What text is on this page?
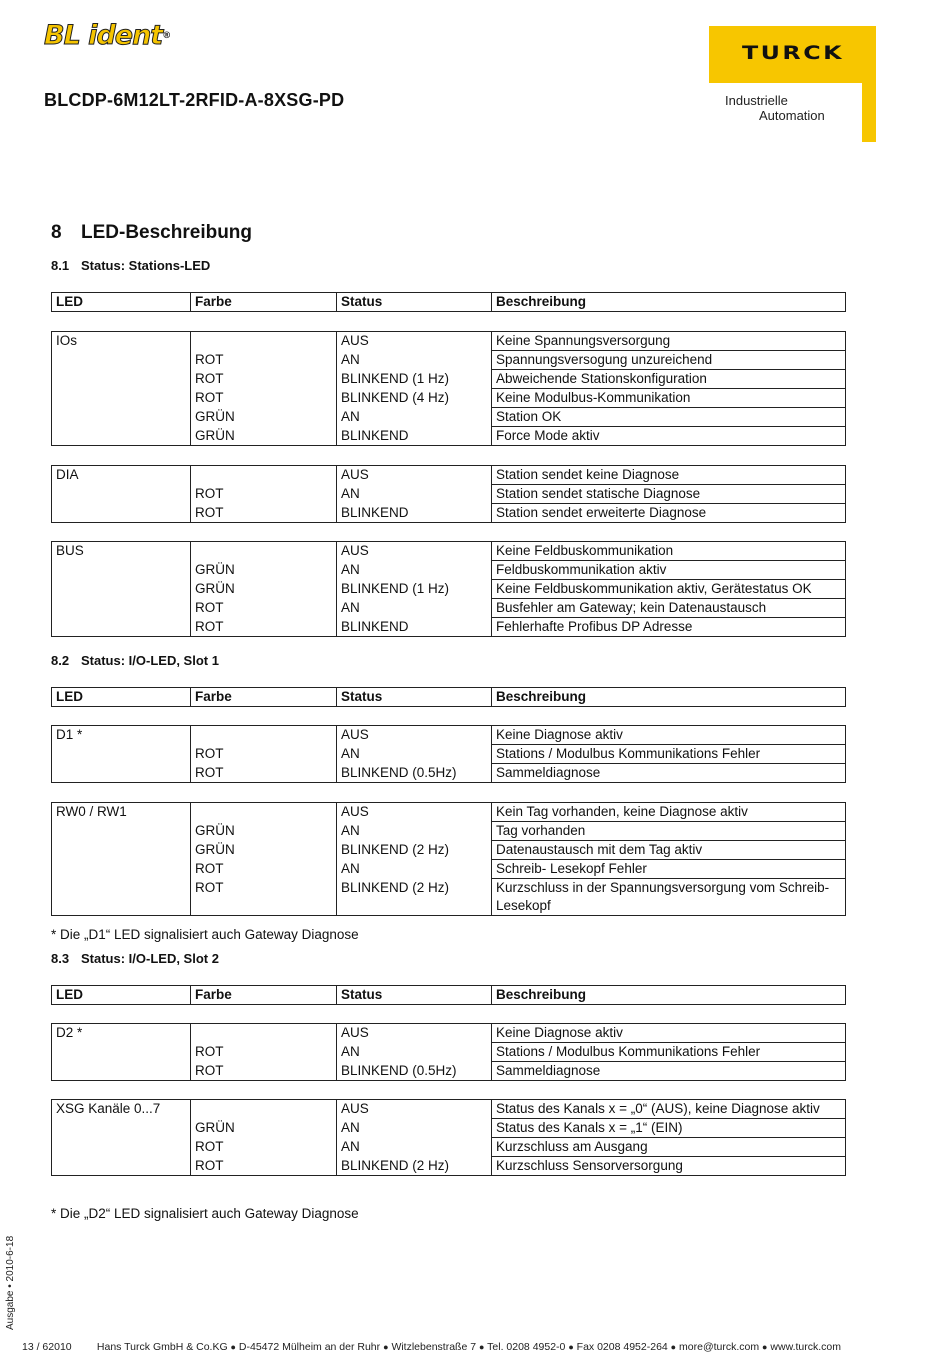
BL ident®
BLCDP-6M12LT-2RFID-A-8XSG-PD
TURCK
Industrielle
Automation
8 LED-Beschreibung
8.1 Status: Stations-LED
LED	Farbe	Status	Beschreibung
IOs		AUS	Keine Spannungsversorgung
	ROT	AN	Spannungsversogung unzureichend
	ROT	BLINKEND (1 Hz)	Abweichende Stationskonfiguration
	ROT	BLINKEND (4 Hz)	Keine Modulbus-Kommunikation
	GRÜN	AN	Station OK
	GRÜN	BLINKEND	Force Mode aktiv
DIA		AUS	Station sendet keine Diagnose
	ROT	AN	Station sendet statische Diagnose
	ROT	BLINKEND	Station sendet erweiterte Diagnose
BUS		AUS	Keine Feldbuskommunikation
	GRÜN	AN	Feldbuskommunikation aktiv
	GRÜN	BLINKEND (1 Hz)	Keine Feldbuskommunikation aktiv, Gerätestatus OK
	ROT	AN	Busfehler am Gateway; kein Datenaustausch
	ROT	BLINKEND	Fehlerhafte Profibus DP Adresse
8.2 Status: I/O-LED, Slot 1
LED	Farbe	Status	Beschreibung
D1 *		AUS	Keine Diagnose aktiv
	ROT	AN	Stations / Modulbus Kommunikations Fehler
	ROT	BLINKEND (0.5Hz)	Sammeldiagnose
RW0 / RW1		AUS	Kein Tag vorhanden, keine Diagnose aktiv
	GRÜN	AN	Tag vorhanden
	GRÜN	BLINKEND (2 Hz)	Datenaustausch mit dem Tag aktiv
	ROT	AN	Schreib- Lesekopf Fehler
	ROT	BLINKEND (2 Hz)	Kurzschluss in der Spannungsversorgung vom Schreib-Lesekopf
* Die „D1“ LED signalisiert auch Gateway Diagnose
8.3 Status: I/O-LED, Slot 2
LED	Farbe	Status	Beschreibung
D2 *		AUS	Keine Diagnose aktiv
	ROT	AN	Stations / Modulbus Kommunikations Fehler
	ROT	BLINKEND (0.5Hz)	Sammeldiagnose
XSG Kanäle 0...7		AUS	Status des Kanals x = „0“ (AUS), keine Diagnose aktiv
	GRÜN	AN	Status des Kanals x = „1“ (EIN)
	ROT	AN	Kurzschluss am Ausgang
	ROT	BLINKEND (2 Hz)	Kurzschluss Sensorversorgung
* Die „D2“ LED signalisiert auch Gateway Diagnose
Ausgabe • 2010-6-18
13 / 62010 Hans Turck GmbH & Co.KG ● D-45472 Mülheim an der Ruhr ● Witzlebenstraße 7 ● Tel. 0208 4952-0 ● Fax 0208 4952-264 ● more@turck.com ● www.turck.com
